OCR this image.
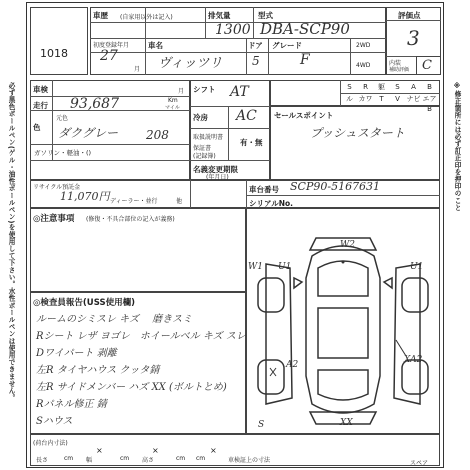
必ず黒色ボールペン(ゲル・油性ボールペン)を使用して下さい。水性ボールペンは使用できません。	※修正箇所には必ず訂正印を押印のこと
1018
車歴 (自家用以外は記入)	排気量
1300
型式
DBA-SCP90
評価点
3
初度登録年月
27
月
車名
ヴィッツリ
ドア
5
グレード
F
2WD
4WD	内装
補助評価 C
車検	月
走行 93,687	Km
マイル
色
元色
ダクグレー 208
ガソリン・軽油・()
シフト AT
冷房 AC
取扱説明書
有・無
保証書
(記録簿)
名義変更期限
(年月日)
S	R	躯	S	A	B
ル カワ T	V ナビ エアB
セールスポイント
プッシュスタート
リサイクル預託金
11,070円 ディーラー・並行	他
車台番号 SCP90-5167631
シリアルNo.
◎注意事項 (修復・不具合部位の記入が義務)
◎検査員報告(USS使用欄)
ルームのシミスレ キズ　 磨きスミ
Rシート レザ ヨゴレ　ホイールベル キズ スレ
Dワイパート 剥離
左R タイヤハウス クッタ錆
左R サイドメンバー ハズ XX (ボルトとめ)
Rパネル修正 錆
Sハウス
W2
W1 U1	U1
A2	XA2
XX
S
(荷台内寸法)
長さ	cm
×
幅	cm
×
高さ	cm
×
cm	車検証上の寸法	スペア
